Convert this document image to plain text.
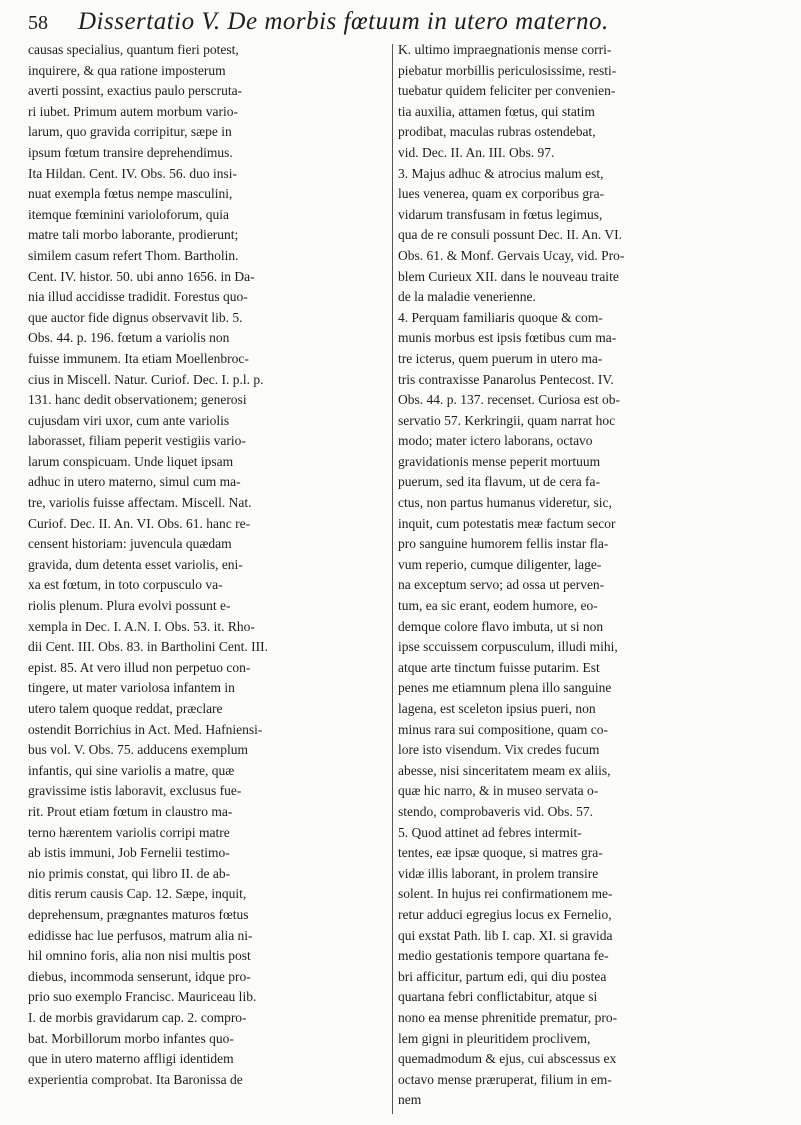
58 Dissertatio V. De morbis fœtuum in utero materno.
causas specialius, quantum fieri potest,
inquirere, & qua ratione imposterum
averti possint, exactius paulo perscruta-
ri iubet. Primum autem morbum vario-
larum, quo gravida corripitur, sæpe in
ipsum fœtum transire deprehendimus.
Ita Hildan. Cent. IV. Obs. 56. duo insi-
nuat exempla fœtus nempe masculini,
itemque fœminini varioloforum, quia
matre tali morbo laborante, prodierunt;
similem casum refert Thom. Bartholin.
Cent. IV. histor. 50. ubi anno 1656. in Da-
nia illud accidisse tradidit. Forestus quo-
que auctor fide dignus observavit lib. 5.
Obs. 44. p. 196. fœtum a variolis non
fuisse immunem. Ita etiam Moellenbroc-
cius in Miscell. Natur. Curiof. Dec. I. p.l. p.
131. hanc dedit observationem; generosi
cujusdam viri uxor, cum ante variolis
laborasset, filiam peperit vestigiis vario-
larum conspicuam. Unde liquet ipsam
adhuc in utero materno, simul cum ma-
tre, variolis fuisse affectam. Miscell. Nat.
Curiof. Dec. II. An. VI. Obs. 61. hanc re-
censent historiam: juvencula quædam
gravida, dum detenta esset variolis, eni-
xa est fœtum, in toto corpusculo va-
riolis plenum. Plura evolvi possunt e-
xempla in Dec. I. A.N. I. Obs. 53. it. Rho-
dii Cent. III. Obs. 83. in Bartholini Cent. III.
epist. 85. At vero illud non perpetuo con-
tingere, ut mater variolosa infantem in
utero talem quoque reddat, præclare
ostendit Borrichius in Act. Med. Hafniensi-
bus vol. V. Obs. 75. adducens exemplum
infantis, qui sine variolis a matre, quæ
gravissime istis laboravit, exclusus fue-
rit. Prout etiam fœtum in claustro ma-
terno hærentem variolis corripi matre
ab istis immuni, Job Fernelii testimo-
nio primis constat, qui libro II. de ab-
ditis rerum causis Cap. 12. Sæpe, inquit,
deprehensum, prægnantes maturos fœtus
edidisse hac lue perfusos, matrum alia ni-
hil omnino foris, alia non nisi multis post
diebus, incommoda senserunt, idque pro-
prio suo exemplo Francisc. Mauriceau lib.
I. de morbis gravidarum cap. 2. compro-
bat. Morbillorum morbo infantes quo-
que in utero materno affligi identidem
experientia comprobat. Ita Baronissa de
K. ultimo impraegnationis mense corri-
piebatur morbillis periculosissime, resti-
tuebatur quidem feliciter per convenien-
tia auxilia, attamen fœtus, qui statim
prodibat, maculas rubras ostendebat,
vid. Dec. II. An. III. Obs. 97.
3. Majus adhuc & atrocius malum est,
lues venerea, quam ex corporibus gra-
vidarum transfusam in fœtus legimus,
qua de re consuli possunt Dec. II. An. VI.
Obs. 61. & Monf. Gervais Ucay, vid. Pro-
blem Curieux XII. dans le nouveau traite
de la maladie venerienne.
4. Perquam familiaris quoque & com-
munis morbus est ipsis fœtibus cum ma-
tre icterus, quem puerum in utero ma-
tris contraxisse Panarolus Pentecost. IV.
Obs. 44. p. 137. recenset. Curiosa est ob-
servatio 57. Kerkringii, quam narrat hoc
modo; mater ictero laborans, octavo
gravidationis mense peperit mortuum
puerum, sed ita flavum, ut de cera fa-
ctus, non partus humanus videretur, sic,
inquit, cum potestatis meæ factum secor
pro sanguine humorem fellis instar fla-
vum reperio, cumque diligenter, lage-
na exceptum servo; ad ossa ut perven-
tum, ea sic erant, eodem humore, eo-
demque colore flavo imbuta, ut si non
ipse sccuissem corpusculum, illudi mihi,
atque arte tinctum fuisse putarim. Est
penes me etiamnum plena illo sanguine
lagena, est sceleton ipsius pueri, non
minus rara sui compositione, quam co-
lore isto visendum. Vix credes fucum
abesse, nisi sinceritatem meam ex aliis,
quæ hic narro, & in museo servata o-
stendo, comprobaveris vid. Obs. 57.
5. Quod attinet ad febres intermit-
tentes, eæ ipsæ quoque, si matres gra-
vidæ illis laborant, in prolem transire
solent. In hujus rei confirmationem me-
retur adduci egregius locus ex Fernelio,
qui exstat Path. lib I. cap. XI. si gravida
medio gestationis tempore quartana fe-
bri afficitur, partum edi, qui diu postea
quartana febri conflictabitur, atque si
nono ea mense phrenitide prematur, pro-
lem gigni in pleuritidem proclivem,
quemadmodum & ejus, cui abscessus ex
octavo mense præruperat, filium in em-
nem
